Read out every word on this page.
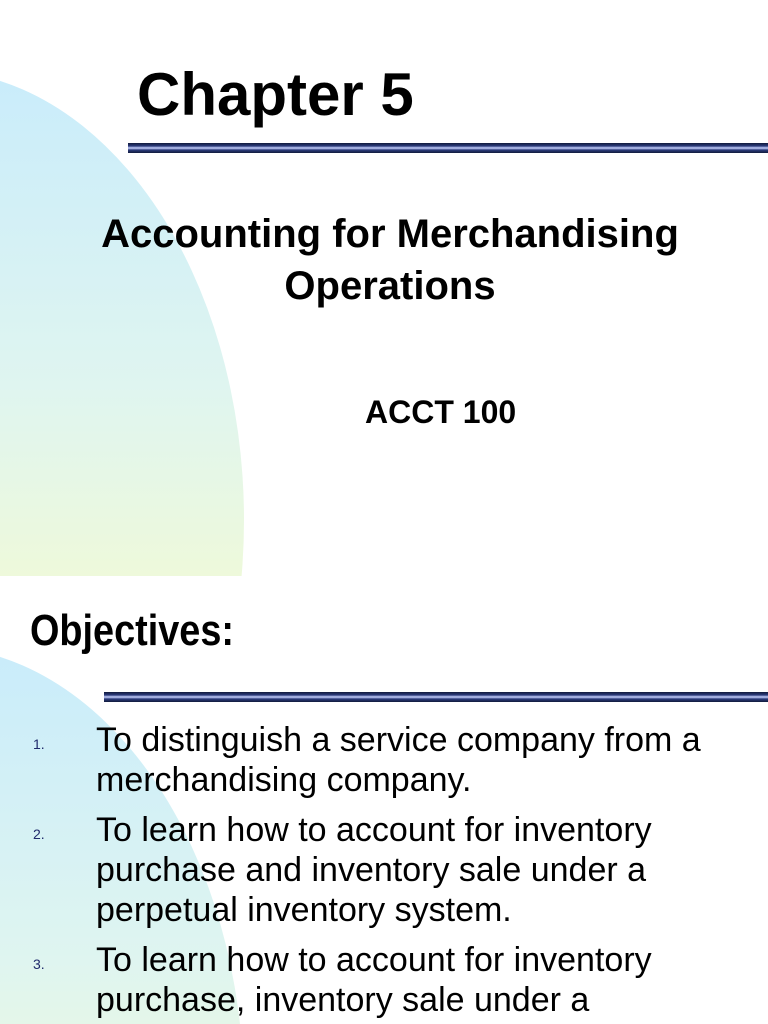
Chapter 5
Accounting for Merchandising
Operations
ACCT 100
Objectives:
1. To distinguish a service company from a merchandising company.
2. To learn how to account for inventory purchase and inventory sale under a perpetual inventory system.
3. To learn how to account for inventory purchase, inventory sale under a
